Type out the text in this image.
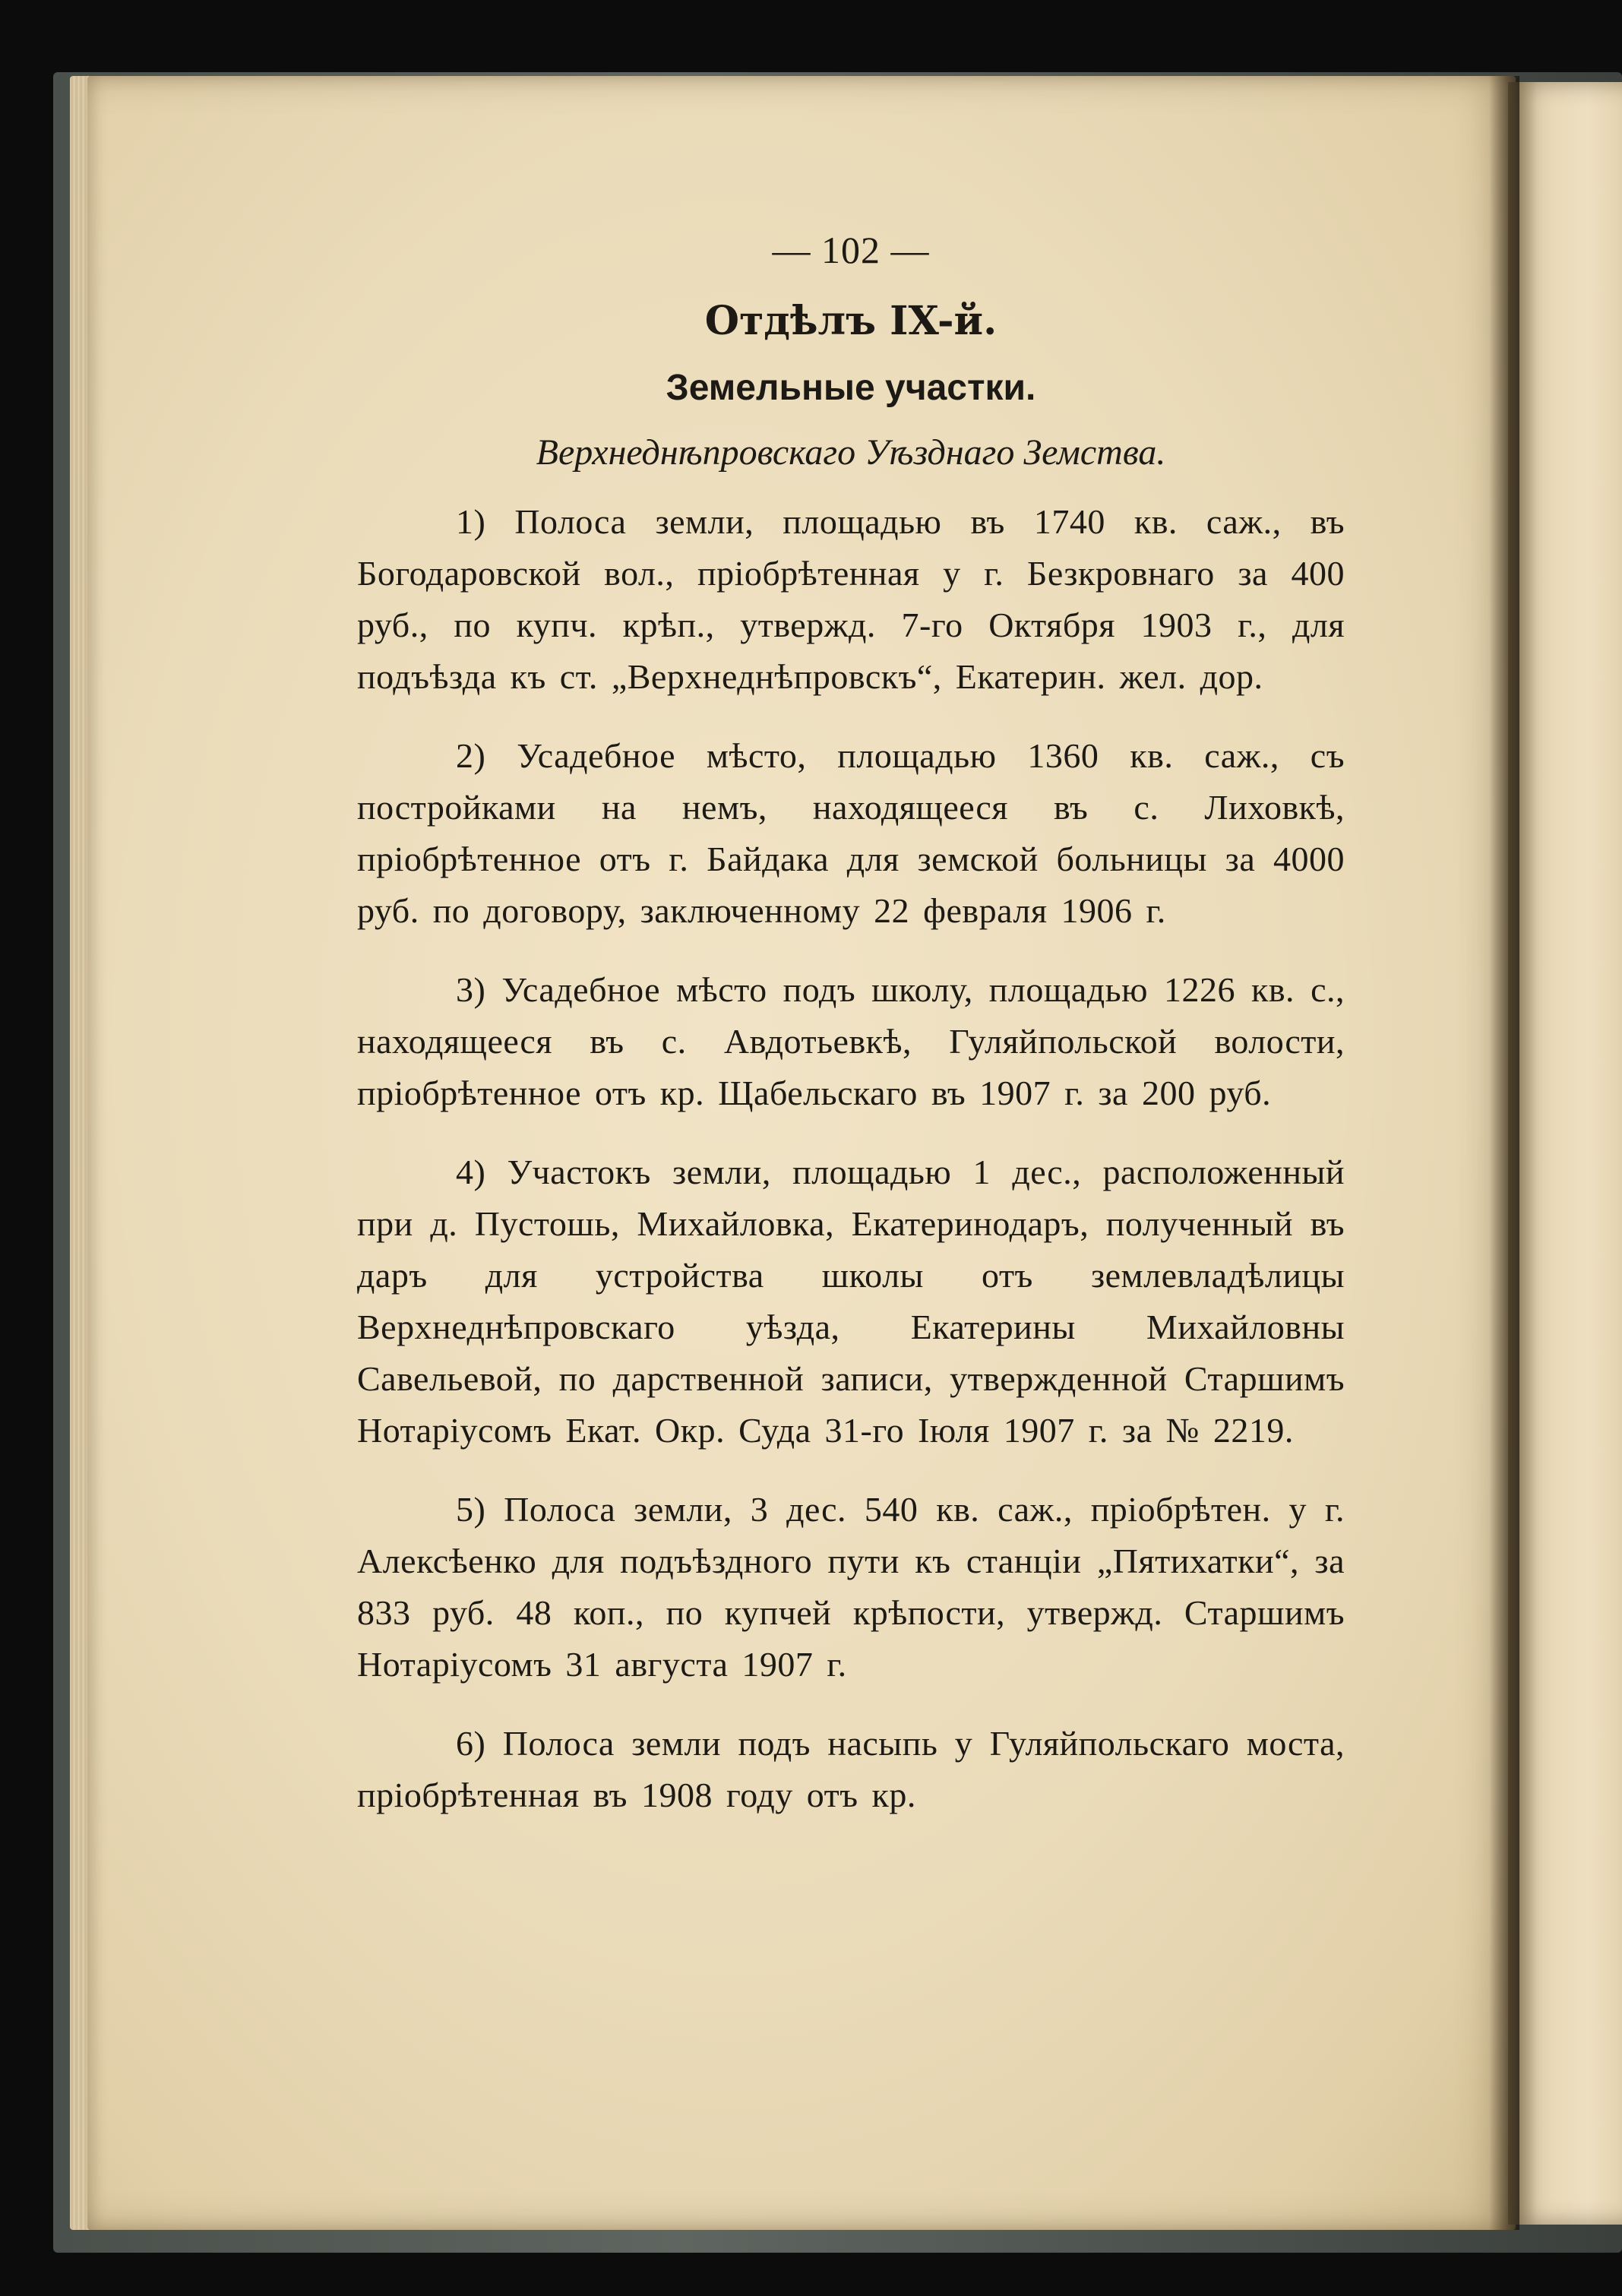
— 102 —
Отдѣлъ IX-й.
Земельные участки.
Верхнеднѣпровскаго Уѣзднаго Земства.

1) Полоса земли, площадью въ 1740 кв. саж., въ Богодаровской вол., пріобрѣтенная у г. Безкровнаго за 400 руб., по купч. крѣп., утвержд. 7-го Октября 1903 г., для подъѣзда къ ст. „Верхнеднѣпровскъ“, Екатерин. жел. дор.

2) Усадебное мѣсто, площадью 1360 кв. саж., съ постройками на немъ, находящееся въ с. Лиховкѣ, пріобрѣтенное отъ г. Байдака для земской больницы за 4000 руб. по договору, заключенному 22 февраля 1906 г.

3) Усадебное мѣсто подъ школу, площадью 1226 кв. с., находящееся въ с. Авдотьевкѣ, Гуляйпольской волости, пріобрѣтенное отъ кр. Щабельскаго въ 1907 г. за 200 руб.

4) Участокъ земли, площадью 1 дес., расположенный при д. Пустошь, Михайловка, Екатеринодаръ, полученный въ даръ для устройства школы отъ землевладѣлицы Верхнеднѣпровскаго уѣзда, Екатерины Михайловны Савельевой, по дарственной записи, утвержденной Старшимъ Нотаріусомъ Екат. Окр. Суда 31-го Іюля 1907 г. за № 2219.

5) Полоса земли, 3 дес. 540 кв. саж., пріобрѣтен. у г. Алексѣенко для подъѣздного пути къ станціи „Пятихатки“, за 833 руб. 48 коп., по купчей крѣпости, утвержд. Старшимъ Нотаріусомъ 31 августа 1907 г.

6) Полоса земли подъ насыпь у Гуляйпольскаго моста, пріобрѣтенная въ 1908 году отъ кр.
